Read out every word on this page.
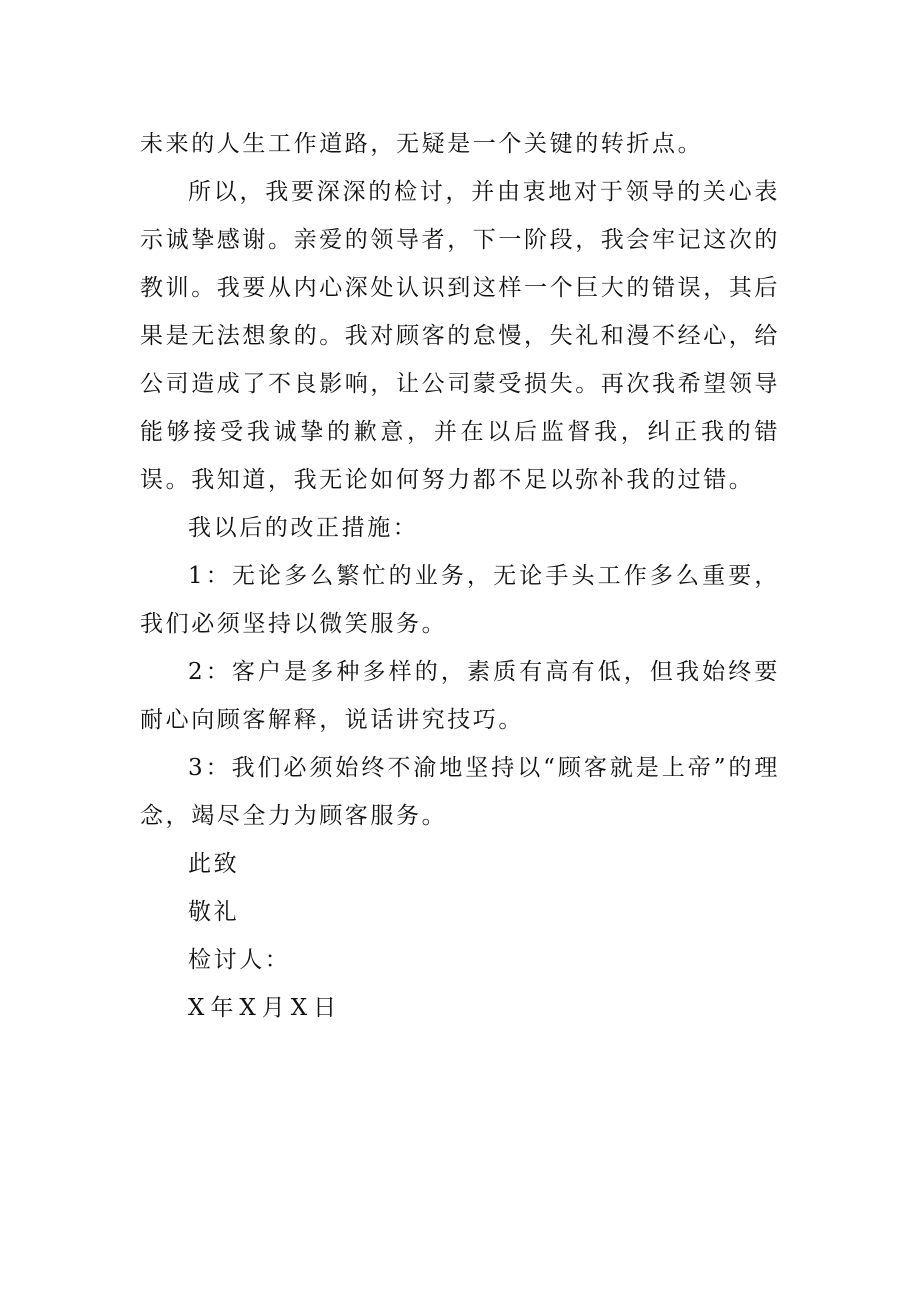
未来的人生工作道路，无疑是一个关键的转折点。

所以，我要深深的检讨，并由衷地对于领导的关心表示诚挚感谢。亲爱的领导者，下一阶段，我会牢记这次的教训。我要从内心深处认识到这样一个巨大的错误，其后果是无法想象的。我对顾客的怠慢，失礼和漫不经心，给公司造成了不良影响，让公司蒙受损失。再次我希望领导能够接受我诚挚的歉意，并在以后监督我，纠正我的错误。我知道，我无论如何努力都不足以弥补我的过错。

我以后的改正措施：

1：无论多么繁忙的业务，无论手头工作多么重要，我们必须坚持以微笑服务。

2：客户是多种多样的，素质有高有低，但我始终要耐心向顾客解释，说话讲究技巧。

3：我们必须始终不渝地坚持以“顾客就是上帝”的理念，竭尽全力为顾客服务。

此致

敬礼

检讨人：

X年X月X日
